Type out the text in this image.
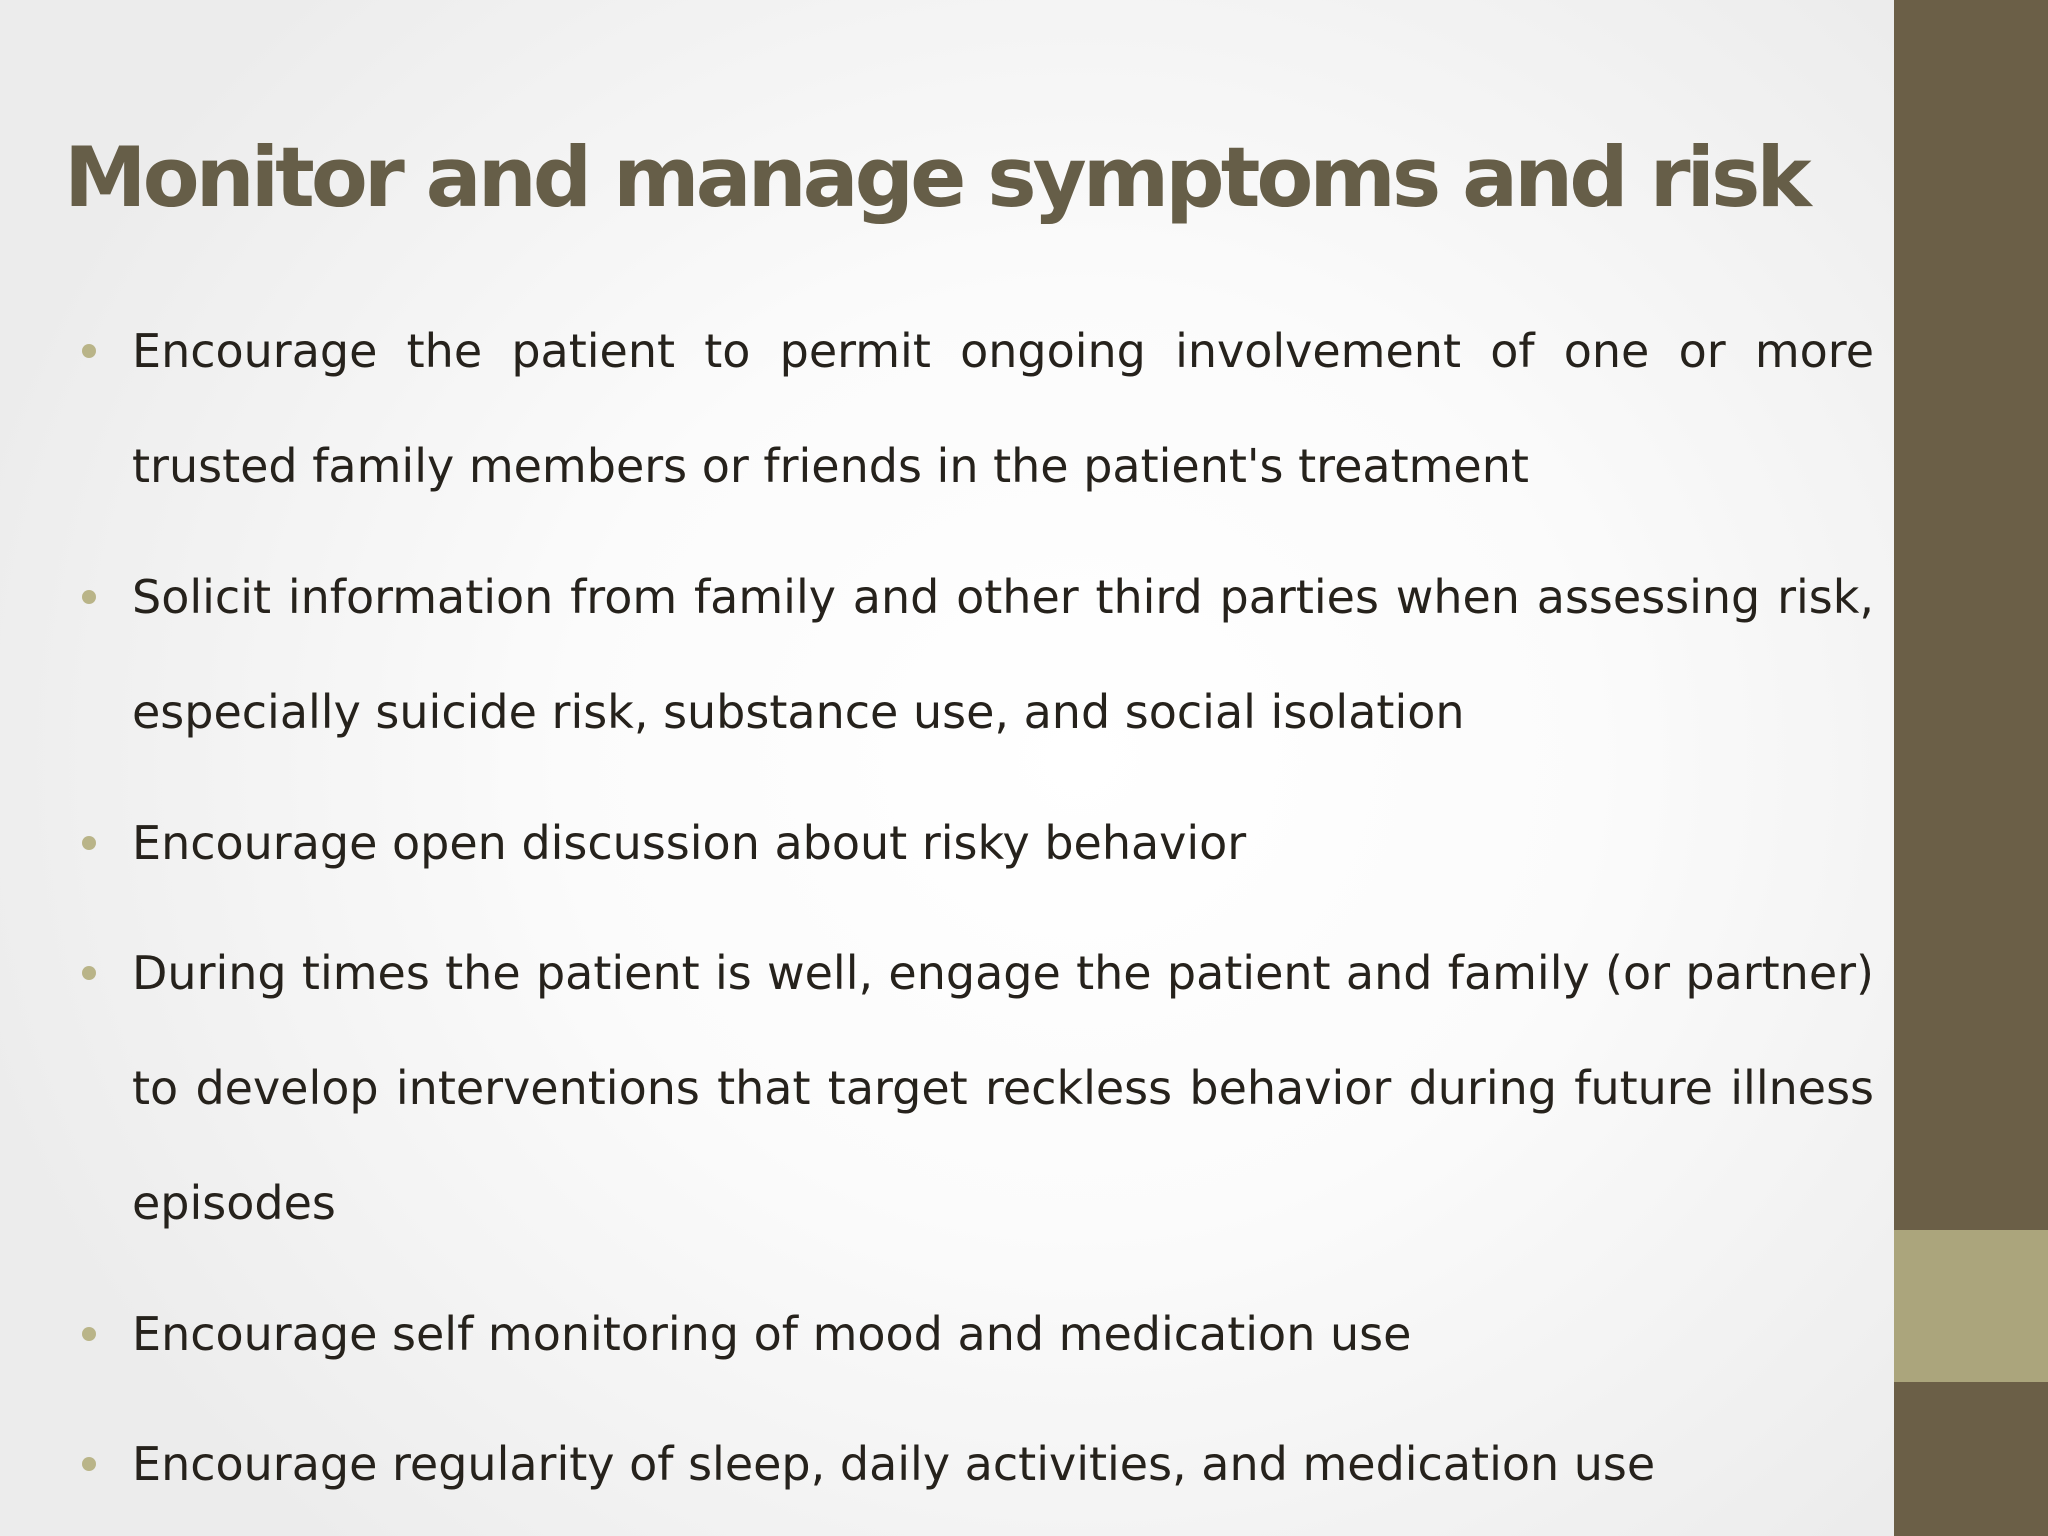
Monitor and manage symptoms and risk
Encourage the patient to permit ongoing involvement of one or more trusted family members or friends in the patient's treatment
Solicit information from family and other third parties when assessing risk, especially suicide risk, substance use, and social isolation
Encourage open discussion about risky behavior
During times the patient is well, engage the patient and family (or partner) to develop interventions that target reckless behavior during future illness episodes
Encourage self monitoring of mood and medication use
Encourage regularity of sleep, daily activities, and medication use
